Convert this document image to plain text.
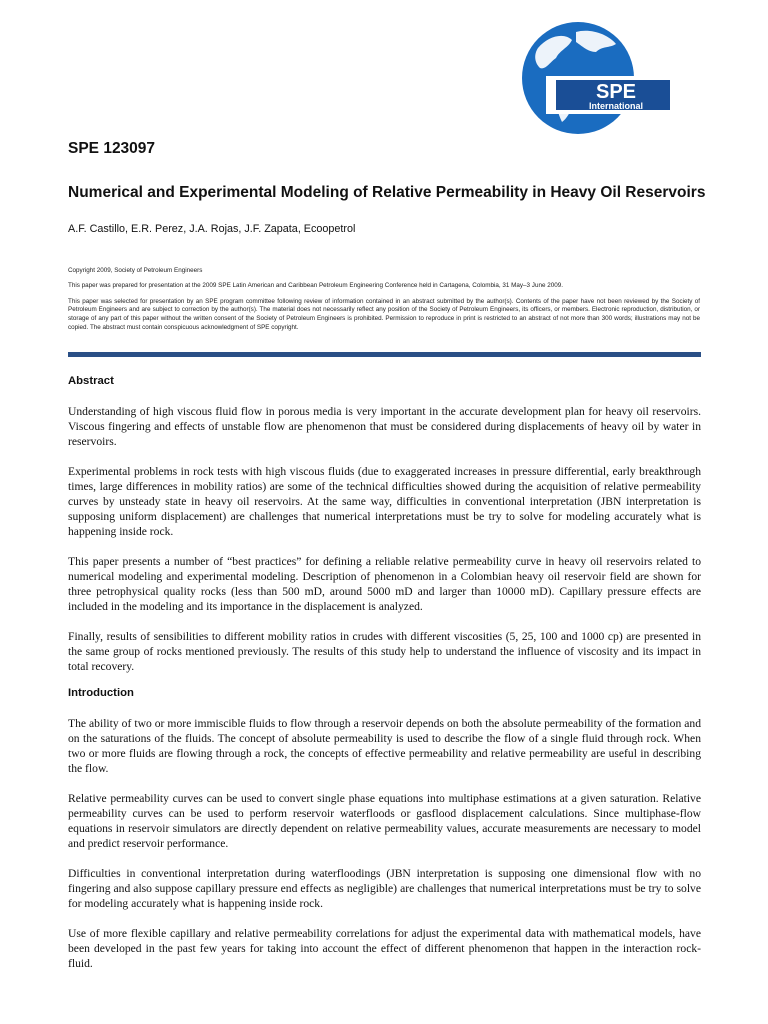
SPE
International
SPE 123097
Numerical and Experimental Modeling of Relative Permeability in Heavy Oil Reservoirs
A.F. Castillo, E.R. Perez, J.A. Rojas, J.F. Zapata, Ecoopetrol

Copyright 2009, Society of Petroleum Engineers

This paper was prepared for presentation at the 2009 SPE Latin American and Caribbean Petroleum Engineering Conference held in Cartagena, Colombia, 31 May–3 June 2009.

This paper was selected for presentation by an SPE program committee following review of information contained in an abstract submitted by the author(s). Contents of the paper have not been reviewed by the Society of Petroleum Engineers and are subject to correction by the author(s). The material does not necessarily reflect any position of the Society of Petroleum Engineers, its officers, or members. Electronic reproduction, distribution, or storage of any part of this paper without the written consent of the Society of Petroleum Engineers is prohibited. Permission to reproduce in print is restricted to an abstract of not more than 300 words; illustrations may not be copied. The abstract must contain conspicuous acknowledgment of SPE copyright.

Abstract

Understanding of high viscous fluid flow in porous media is very important in the accurate development plan for heavy oil reservoirs. Viscous fingering and effects of unstable flow are phenomenon that must be considered during displacements of heavy oil by water in reservoirs.

Experimental problems in rock tests with high viscous fluids (due to exaggerated increases in pressure differential, early breakthrough times, large differences in mobility ratios) are some of the technical difficulties showed during the acquisition of relative permeability curves by unsteady state in heavy oil reservoirs. At the same way, difficulties in conventional interpretation (JBN interpretation is supposing uniform displacement) are challenges that numerical interpretations must be try to solve for modeling accurately what is happening inside rock.

This paper presents a number of “best practices” for defining a reliable relative permeability curve in heavy oil reservoirs related to numerical modeling and experimental modeling. Description of phenomenon in a Colombian heavy oil reservoir field are shown for three petrophysical quality rocks (less than 500 mD, around 5000 mD and larger than 10000 mD). Capillary pressure effects are included in the modeling and its importance in the displacement is analyzed.

Finally, results of sensibilities to different mobility ratios in crudes with different viscosities (5, 25, 100 and 1000 cp) are presented in the same group of rocks mentioned previously. The results of this study help to understand the influence of viscosity and its impact in total recovery.

Introduction

The ability of two or more immiscible fluids to flow through a reservoir depends on both the absolute permeability of the formation and on the saturations of the fluids. The concept of absolute permeability is used to describe the flow of a single fluid through rock. When two or more fluids are flowing through a rock, the concepts of effective permeability and relative permeability are useful in describing the flow.

Relative permeability curves can be used to convert single phase equations into multiphase estimations at a given saturation. Relative permeability curves can be used to perform reservoir waterfloods or gasflood displacement calculations. Since multiphase-flow equations in reservoir simulators are directly dependent on relative permeability values, accurate measurements are necessary to model and predict reservoir performance.

Difficulties in conventional interpretation during waterfloodings (JBN interpretation is supposing one dimensional flow with no fingering and also suppose capillary pressure end effects as negligible) are challenges that numerical interpretations must be try to solve for modeling accurately what is happening inside rock.

Use of more flexible capillary and relative permeability correlations for adjust the experimental data with mathematical models, have been developed in the past few years for taking into account the effect of different phenomenon that happen in the interaction rock-fluid.
